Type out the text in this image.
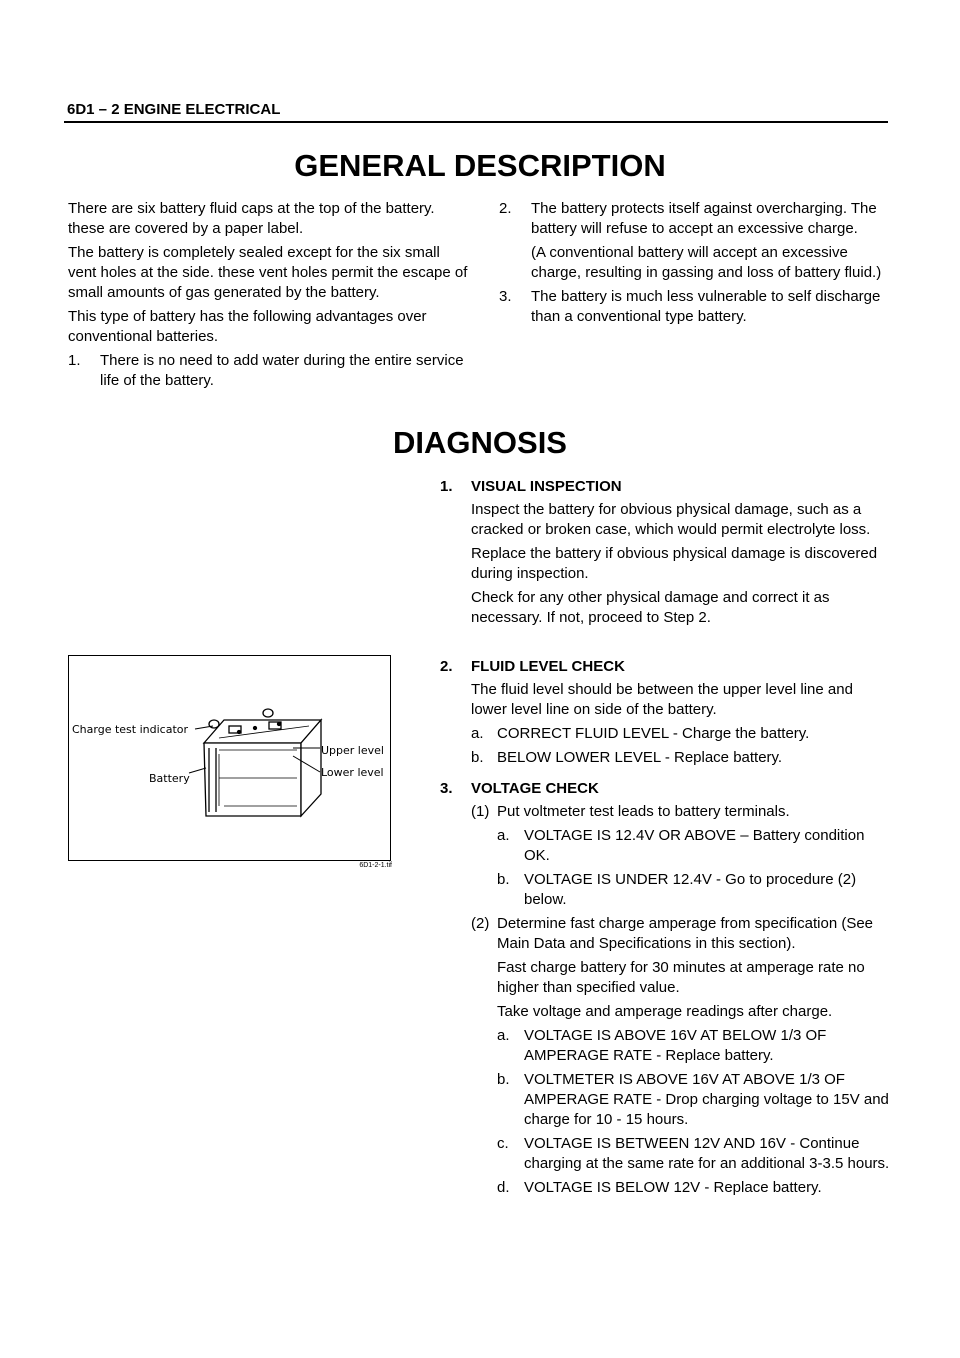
6D1 – 2 ENGINE ELECTRICAL
GENERAL DESCRIPTION

There are six battery fluid caps at the top of the battery. these are covered by a paper label.

The battery is completely sealed except for the six small vent holes at the side. these vent holes permit the escape of small amounts of gas generated by the battery.

This type of battery has the following advantages over conventional batteries.

1. There is no need to add water during the entire service life of the battery.

2. The battery protects itself against overcharging. The battery will refuse to accept an excessive charge.

(A conventional battery will accept an excessive charge, resulting in gassing and loss of battery fluid.)

3. The battery is much less vulnerable to self discharge than a conventional type battery.

DIAGNOSIS
1. VISUAL INSPECTION

Inspect the battery for obvious physical damage, such as a cracked or broken case, which would permit electrolyte loss.

Replace the battery if obvious physical damage is discovered during inspection.

Check for any other physical damage and correct it as necessary. If not, proceed to Step 2.

2. FLUID LEVEL CHECK

The fluid level should be between the upper level line and lower level line on side of the battery.

a. CORRECT FLUID LEVEL - Charge the battery.
b. BELOW LOWER LEVEL - Replace battery.
3. VOLTAGE CHECK
(1) Put voltmeter test leads to battery terminals.

a. VOLTAGE IS 12.4V OR ABOVE – Battery condition OK.
b. VOLTAGE IS UNDER 12.4V - Go to procedure (2) below.
(2) Determine fast charge amperage from specification (See Main Data and Specifications in this section).

Fast charge battery for 30 minutes at amperage rate no higher than specified value.

Take voltage and amperage readings after charge.

a. VOLTAGE IS ABOVE 16V AT BELOW 1/3 OF AMPERAGE RATE - Replace battery.
b. VOLTMETER IS ABOVE 16V AT ABOVE 1/3 OF AMPERAGE RATE - Drop charging voltage to 15V and charge for 10 - 15 hours.
c. VOLTAGE IS BETWEEN 12V AND 16V - Continue charging at the same rate for an additional 3-3.5 hours.
d. VOLTAGE IS BELOW 12V - Replace battery.
Charge test indicator
Battery
Upper level
Lower level
6D1-2-1.tif
